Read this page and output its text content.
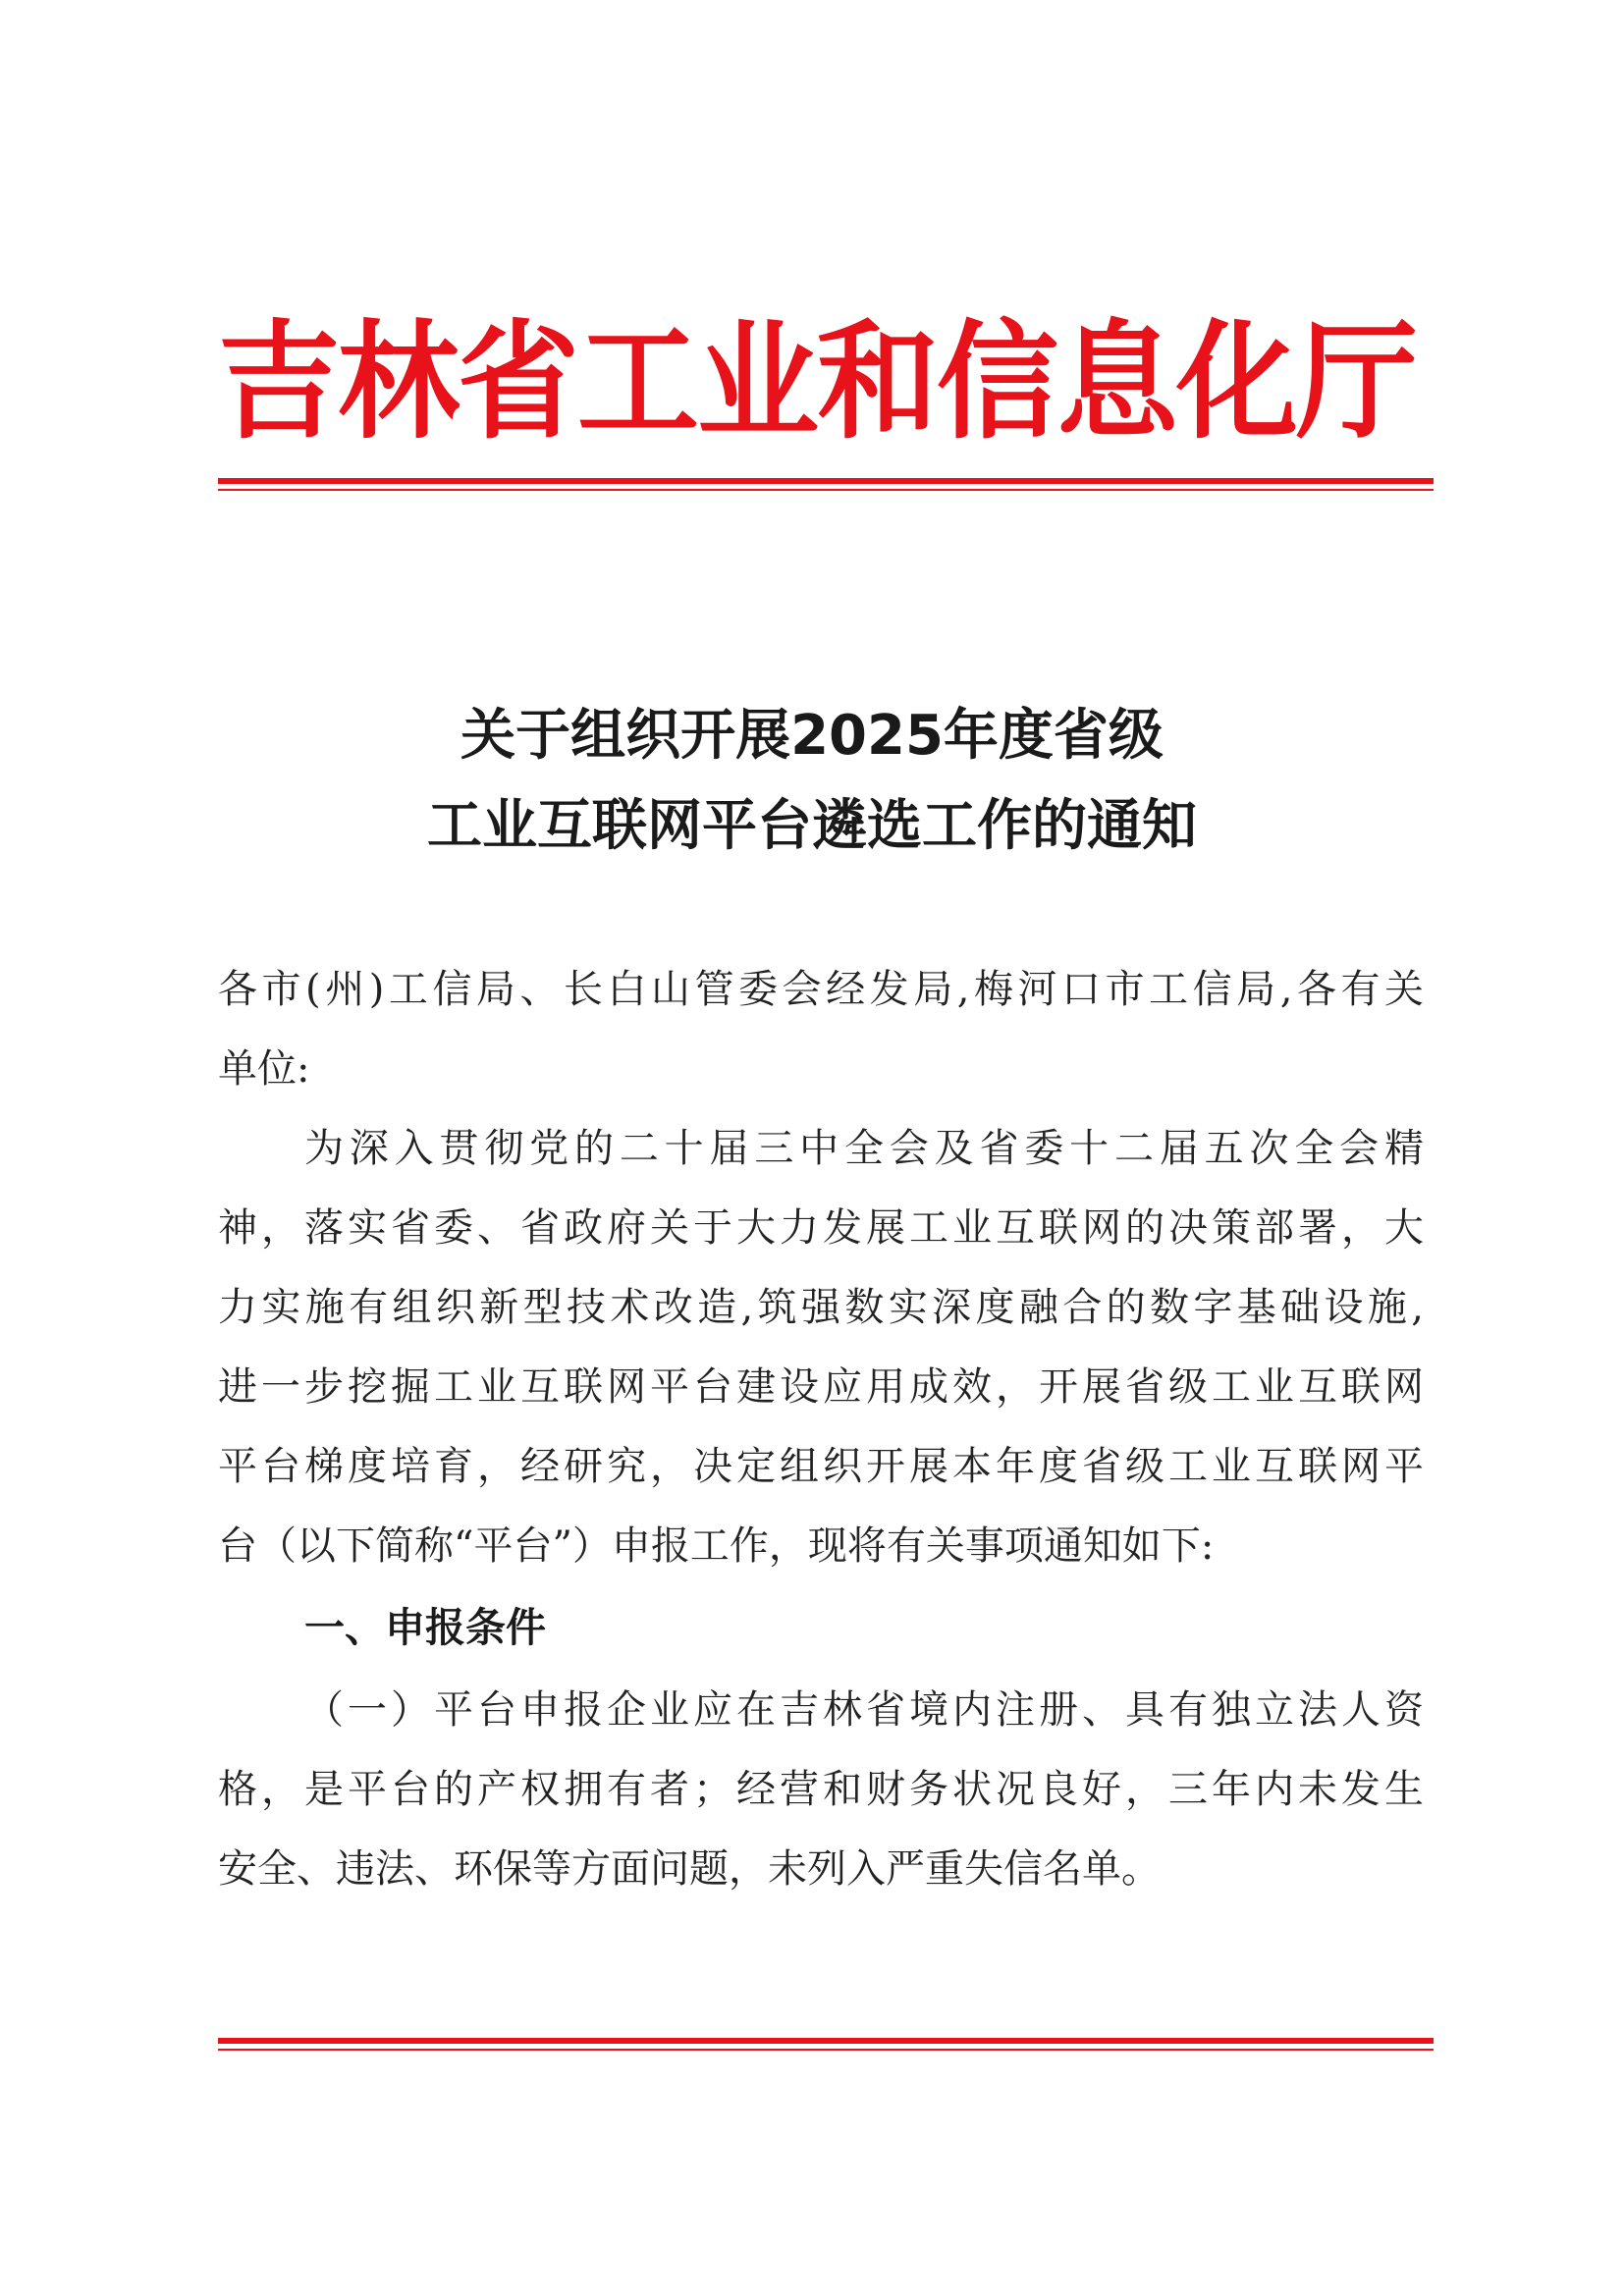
吉林省工业和信息化厅
关于组织开展2025年度省级
工业互联网平台遴选工作的通知
各市(州)工信局、长白山管委会经发局,梅河口市工信局,各有关
单位:
为深入贯彻党的二十届三中全会及省委十二届五次全会精
神，落实省委、省政府关于大力发展工业互联网的决策部署，大
力实施有组织新型技术改造,筑强数实深度融合的数字基础设施,
进一步挖掘工业互联网平台建设应用成效，开展省级工业互联网
平台梯度培育，经研究，决定组织开展本年度省级工业互联网平
台（以下简称“平台”）申报工作，现将有关事项通知如下:
一、申报条件
（一）平台申报企业应在吉林省境内注册、具有独立法人资
格，是平台的产权拥有者；经营和财务状况良好，三年内未发生
安全、违法、环保等方面问题，未列入严重失信名单。
